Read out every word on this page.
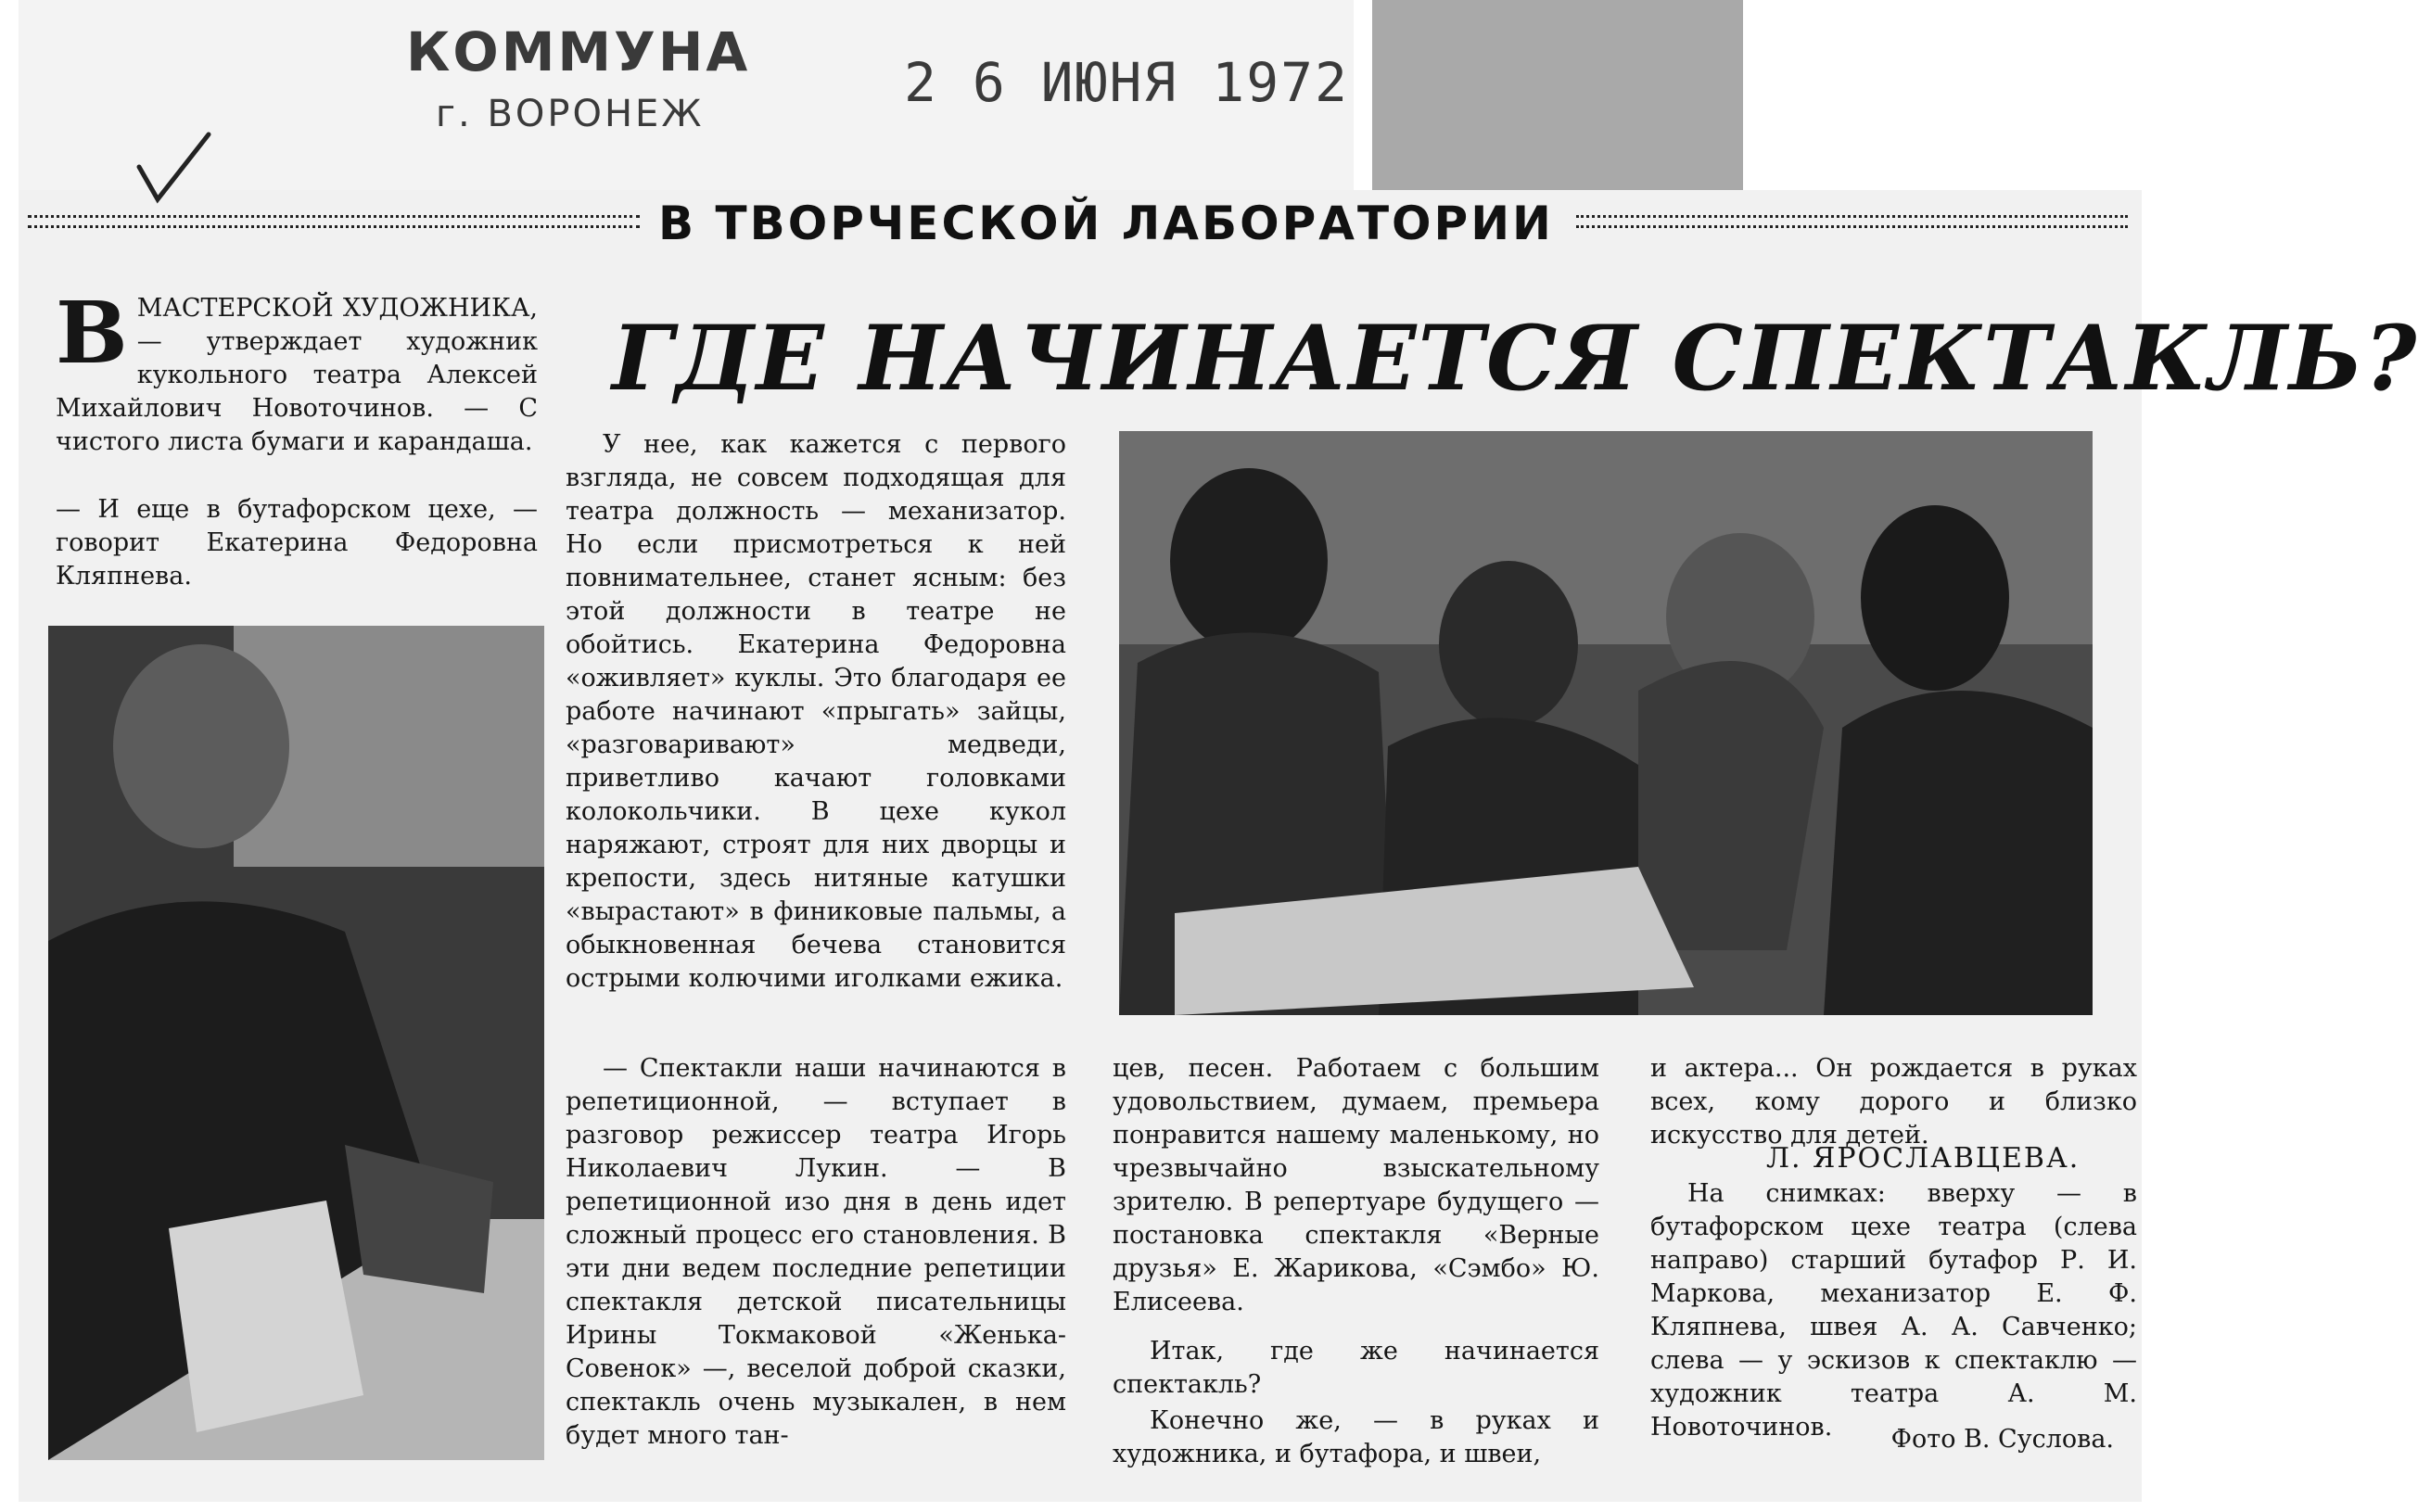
КОММУНА
г. ВОРОНЕЖ	2 6 ИЮНЯ 1972
В ТВОРЧЕСКОЙ ЛАБОРАТОРИИ
ГДЕ НАЧИНАЕТСЯ СПЕКТАКЛЬ?
ВМАСТЕРСКОЙ ХУДОЖНИКА, — утверждает художник кукольного театра Алексей Михайлович Новоточинов. — С чистого листа бумаги и карандаша.
— И еще в бутафорском цехе, — говорит Екатерина Федоровна Кляпнева.
У нее, как кажется с первого взгляда, не совсем подходящая для театра должность — механизатор. Но если присмотреться к ней повнимательнее, станет ясным: без этой должности в театре не обойтись. Екатерина Федоровна «оживляет» куклы. Это благодаря ее работе начинают «прыгать» зайцы, «разговаривают» медведи, приветливо качают головками колокольчики. В цехе кукол наряжают, строят для них дворцы и крепости, здесь нитяные катушки «вырастают» в финиковые пальмы, а обыкновенная бечева становится острыми колючими иголками ежика.
— Спектакли наши начинаются в репетиционной, — вступает в разговор режиссер театра Игорь Николаевич Лукин. — В репетиционной изо дня в день идет сложный процесс его становления. В эти дни ведем последние репетиции спектакля детской писательницы Ирины Токмаковой «Женька-Совенок» —, веселой доброй сказки, спектакль очень музыкален, в нем будет много тан-
цев, песен. Работаем с большим удовольствием, думаем, премьера понравится нашему маленькому, но чрезвычайно взыскательному зрителю. В репертуаре будущего — постановка спектакля «Верные друзья» Е. Жарикова, «Сэмбо» Ю. Елисеева.
Итак, где же начинается спектакль?
Конечно же, — в руках и художника, и бутафора, и швеи,
и актера... Он рождается в руках всех, кому дорого и близко искусство для детей.
Л. ЯРОСЛАВЦЕВА.
На снимках: вверху — в бутафорском цехе театра (слева направо) старший бутафор Р. И. Маркова, механизатор Е. Ф. Кляпнева, швея А. А. Савченко; слева — у эскизов к спектаклю — художник театра А. М. Новоточинов.	Фото В. Суслова.
